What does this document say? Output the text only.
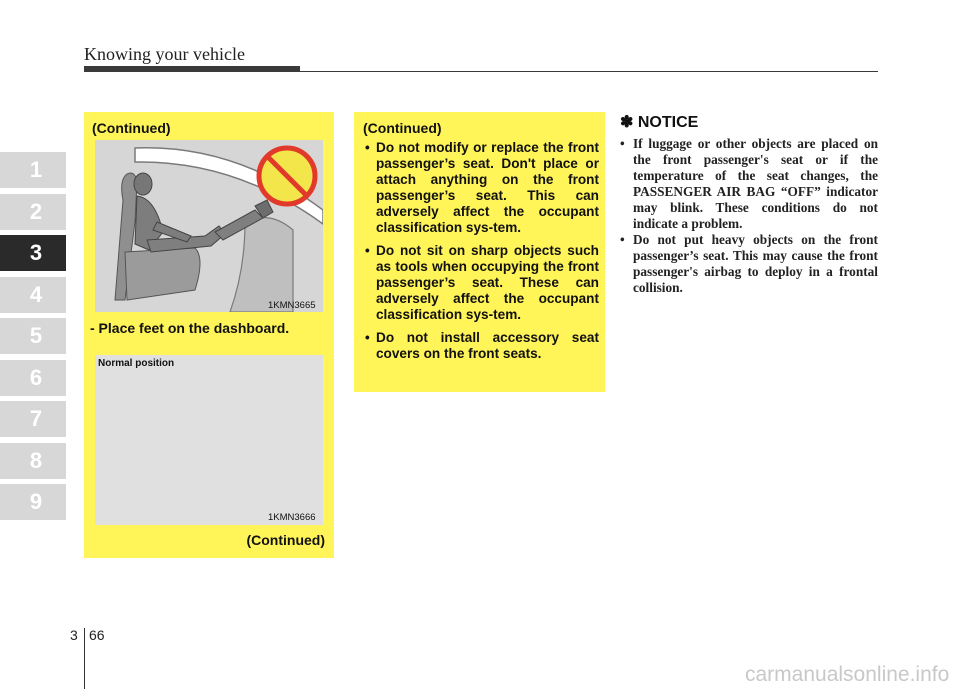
Knowing your vehicle
1
2
3
4
5
6
7
8
9
(Continued)
(Continued)
1KMN3665
- Place feet on the dashboard.
Normal position
1KMN3666
(Continued)
• Do not modify or replace the front passenger’s seat. Don't place or attach anything on the front passenger’s seat. This can adversely affect the occupant classification sys-tem.
• Do not sit on sharp objects such as tools when occupying the front passenger’s seat. These can adversely affect the occupant classification sys-tem.
• Do not install accessory seat covers on the front seats.
✽ NOTICE
• If luggage or other objects are placed on the front passenger's seat or if the temperature of the seat changes, the PASSENGER AIR BAG “OFF” indicator may blink. These conditions do not indicate a problem.
• Do not put heavy objects on the front passenger’s seat. This may cause the front passenger's airbag to deploy in a frontal collision.
3 66
carmanualsonline.info
